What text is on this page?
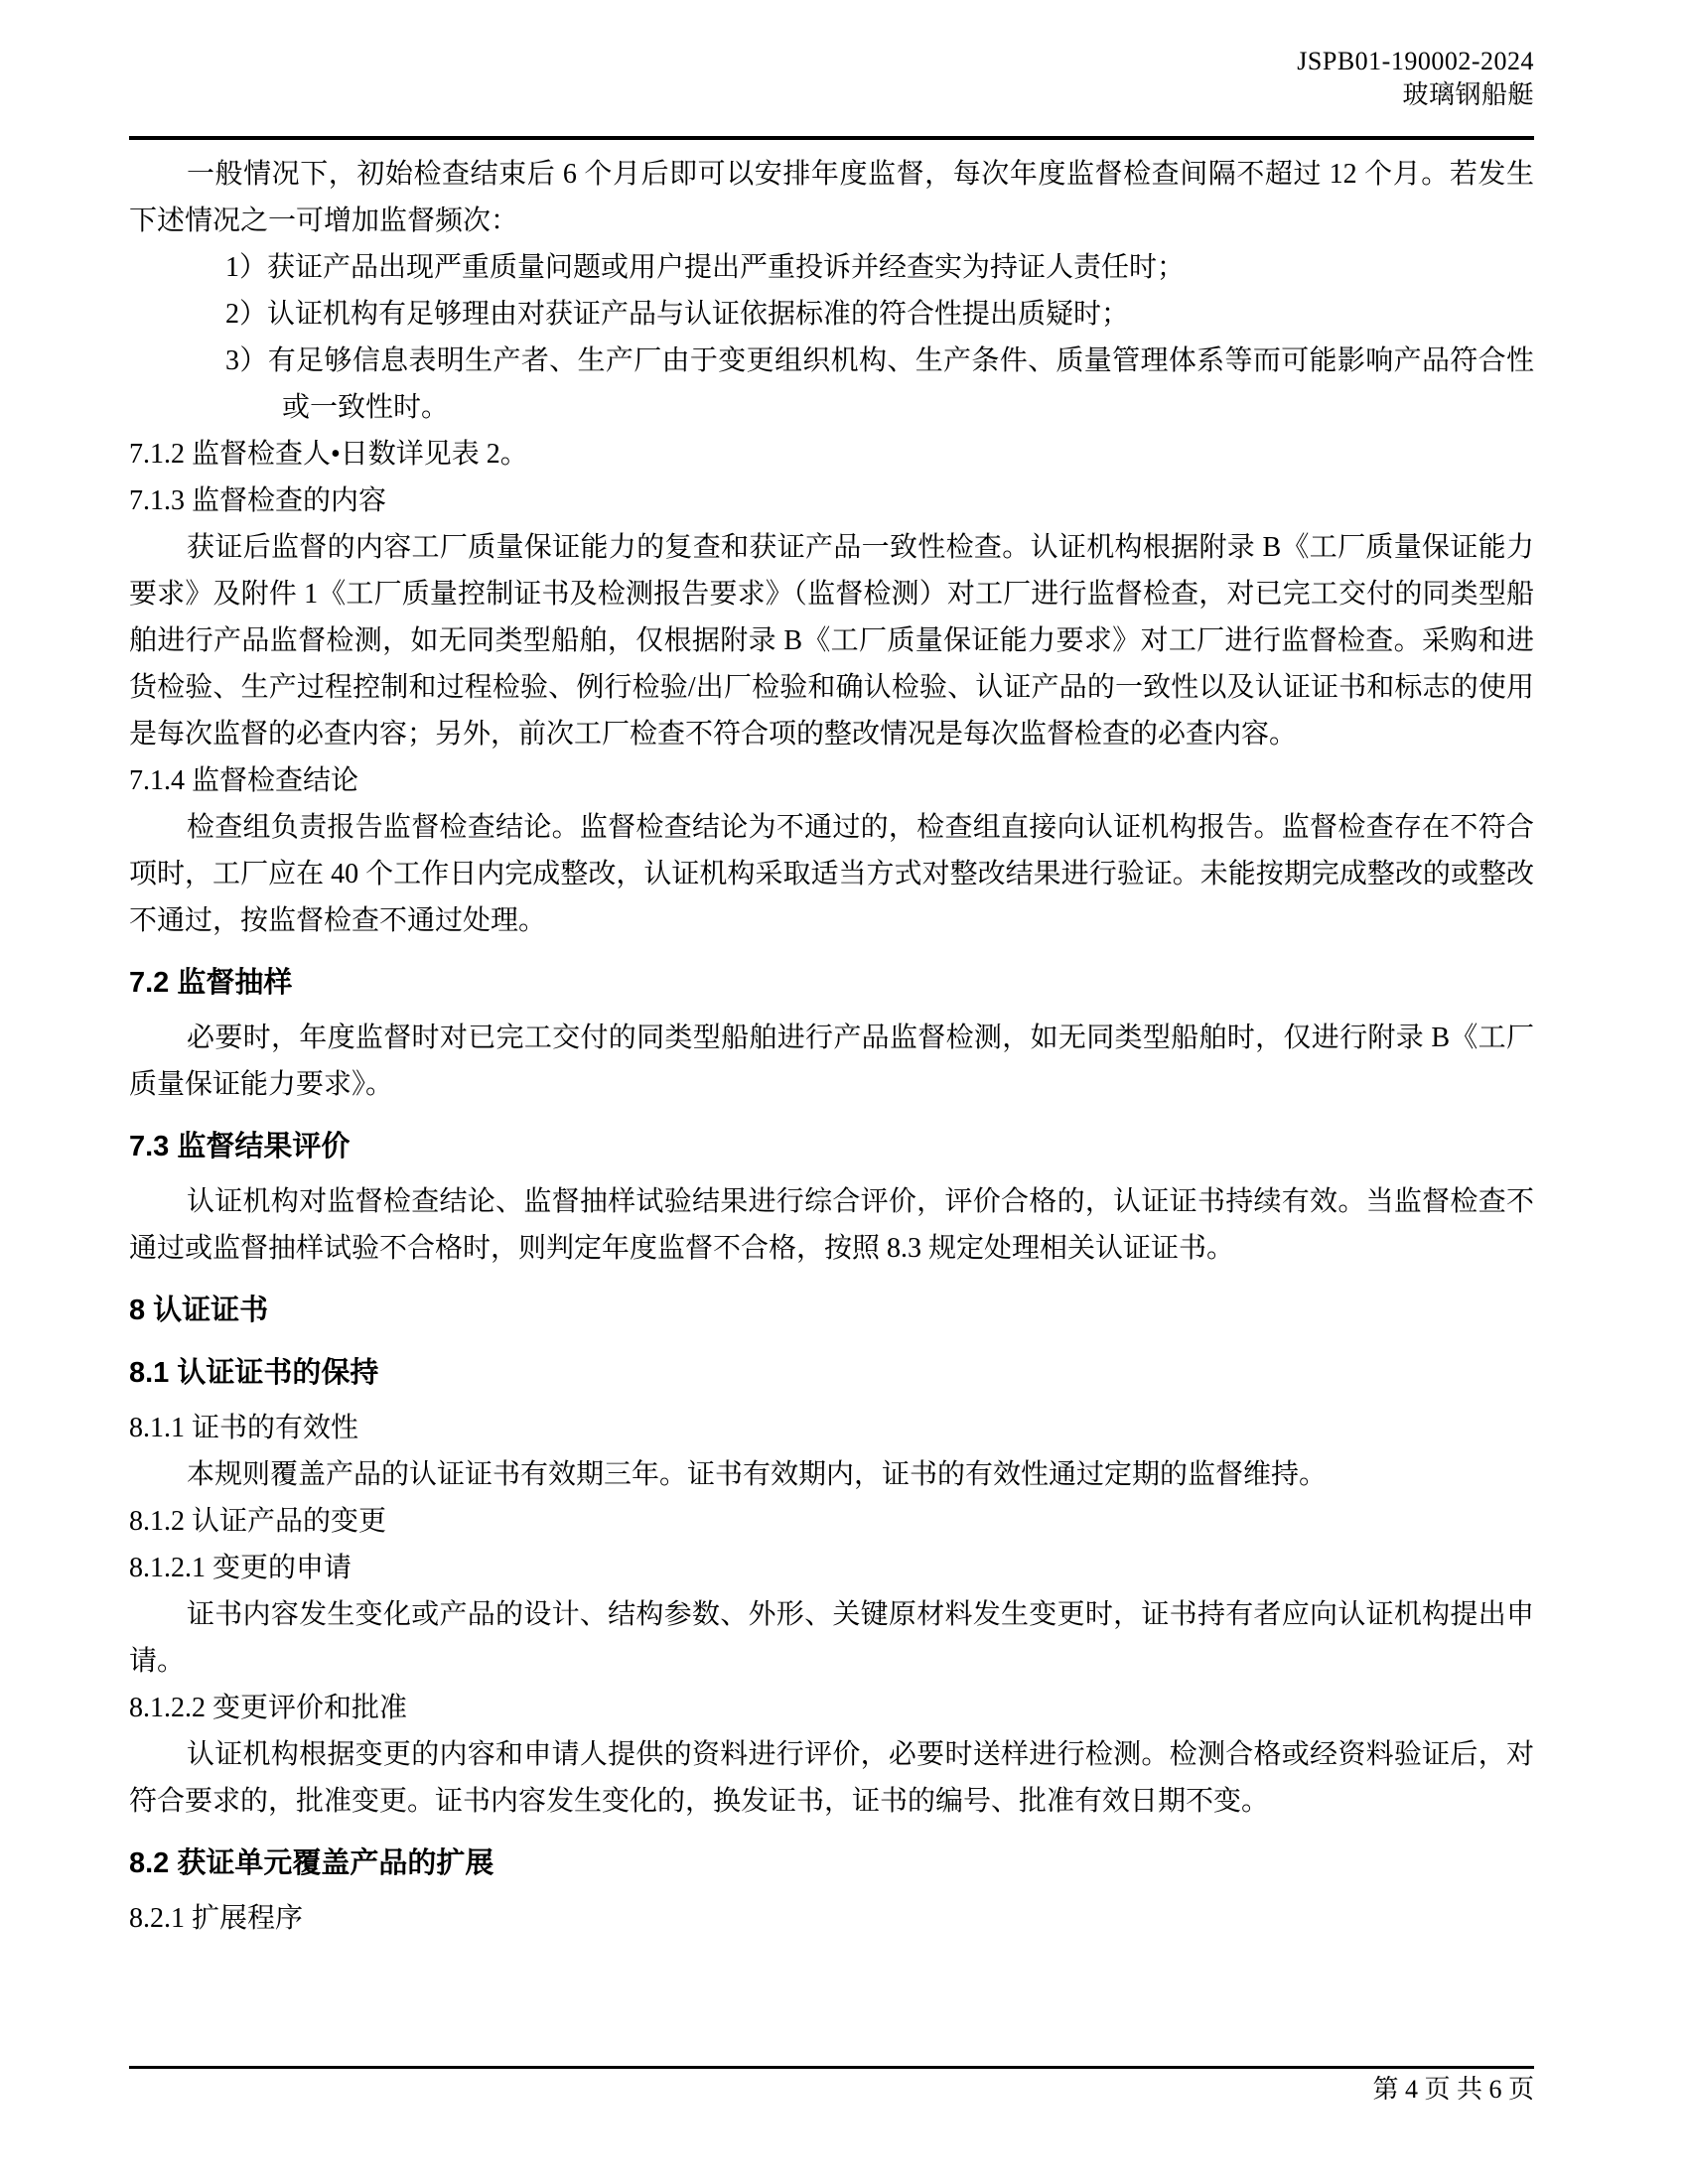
JSPB01-190002-2024
玻璃钢船艇
一般情况下，初始检查结束后 6 个月后即可以安排年度监督，每次年度监督检查间隔不超过 12 个月。若发生下述情况之一可增加监督频次：
1）获证产品出现严重质量问题或用户提出严重投诉并经查实为持证人责任时；
2）认证机构有足够理由对获证产品与认证依据标准的符合性提出质疑时；
3）有足够信息表明生产者、生产厂由于变更组织机构、生产条件、质量管理体系等而可能影响产品符合性或一致性时。
7.1.2 监督检查人•日数详见表 2。
7.1.3 监督检查的内容
获证后监督的内容工厂质量保证能力的复查和获证产品一致性检查。认证机构根据附录 B《工厂质量保证能力要求》及附件 1《工厂质量控制证书及检测报告要求》（监督检测）对工厂进行监督检查，对已完工交付的同类型船舶进行产品监督检测，如无同类型船舶，仅根据附录 B《工厂质量保证能力要求》对工厂进行监督检查。采购和进货检验、生产过程控制和过程检验、例行检验/出厂检验和确认检验、认证产品的一致性以及认证证书和标志的使用是每次监督的必查内容；另外，前次工厂检查不符合项的整改情况是每次监督检查的必查内容。
7.1.4 监督检查结论
检查组负责报告监督检查结论。监督检查结论为不通过的，检查组直接向认证机构报告。监督检查存在不符合项时，工厂应在 40 个工作日内完成整改，认证机构采取适当方式对整改结果进行验证。未能按期完成整改的或整改不通过，按监督检查不通过处理。
7.2 监督抽样
必要时，年度监督时对已完工交付的同类型船舶进行产品监督检测，如无同类型船舶时，仅进行附录 B《工厂质量保证能力要求》。
7.3 监督结果评价
认证机构对监督检查结论、监督抽样试验结果进行综合评价，评价合格的，认证证书持续有效。当监督检查不通过或监督抽样试验不合格时，则判定年度监督不合格，按照 8.3 规定处理相关认证证书。
8 认证证书
8.1 认证证书的保持
8.1.1 证书的有效性
本规则覆盖产品的认证证书有效期三年。证书有效期内，证书的有效性通过定期的监督维持。
8.1.2 认证产品的变更
8.1.2.1 变更的申请
证书内容发生变化或产品的设计、结构参数、外形、关键原材料发生变更时，证书持有者应向认证机构提出申请。
8.1.2.2 变更评价和批准
认证机构根据变更的内容和申请人提供的资料进行评价，必要时送样进行检测。检测合格或经资料验证后，对符合要求的，批准变更。证书内容发生变化的，换发证书，证书的编号、批准有效日期不变。
8.2 获证单元覆盖产品的扩展
8.2.1 扩展程序
第 4 页 共 6 页
